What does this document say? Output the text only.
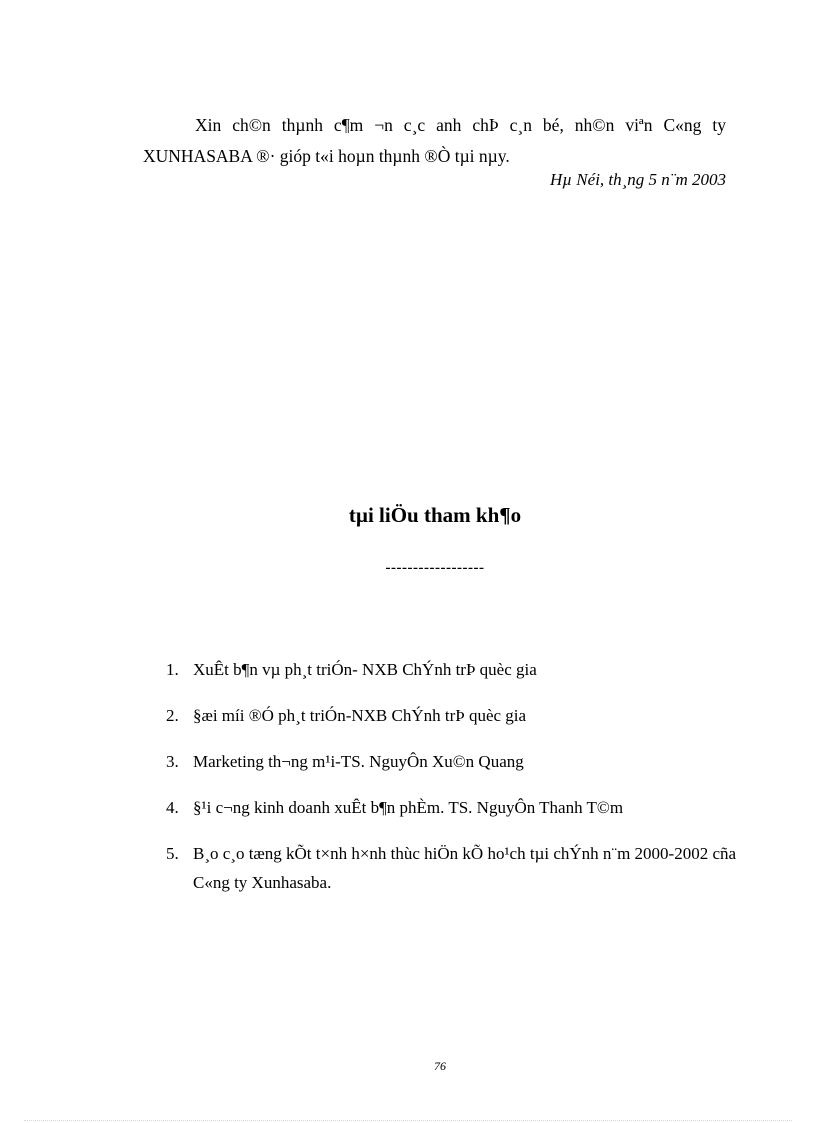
Xin ch©n thµnh c¶m ¬n c¸c anh chÞ c¸n bé, nh©n viªn C«ng ty XUNHASABA ®· gióp t«i hoµn thµnh ®Ò tµi nµy.

Hµ Néi, th¸ng 5 n¨m 2003
tµi liÖu tham kh¶o
------------------
1. XuÊt b¶n vµ ph¸t triÓn- NXB ChÝnh trÞ quèc gia
2. §æi míi ®Ó ph¸t triÓn-NXB ChÝnh trÞ quèc gia
3. Marketing th¬ng m¹i-TS. NguyÔn Xu©n Quang
4. §¹i c¬ng kinh doanh xuÊt b¶n phÈm. TS. NguyÔn Thanh T©m
5. B¸o c¸o tæng kÕt t×nh h×nh thùc hiÖn kÕ ho¹ch tµi chÝnh n¨m 2000-2002 cña C«ng ty Xunhasaba.
76
